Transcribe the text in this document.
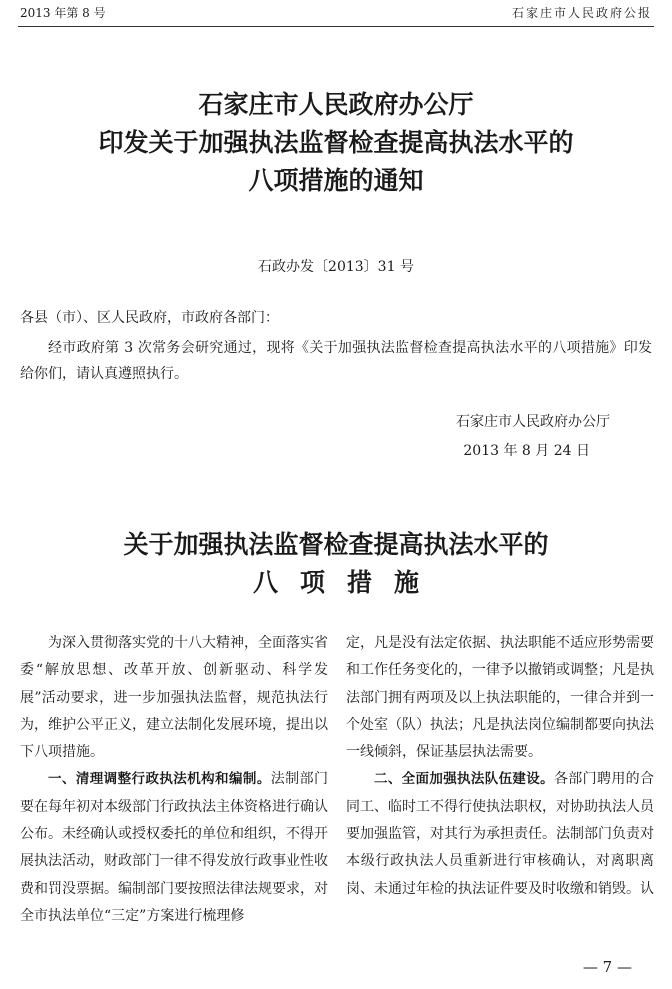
2013 年第 8 号	石家庄市人民政府公报
石家庄市人民政府办公厅
印发关于加强执法监督检查提高执法水平的
八项措施的通知
石政办发〔2013〕31 号
各县（市）、区人民政府，市政府各部门：
经市政府第 3 次常务会研究通过，现将《关于加强执法监督检查提高执法水平的八项措施》印发给你们，请认真遵照执行。
石家庄市人民政府办公厅
2013 年 8 月 24 日
关于加强执法监督检查提高执法水平的
八项措施

为深入贯彻落实党的十八大精神，全面落实省委“解放思想、改革开放、创新驱动、科学发展”活动要求，进一步加强执法监督，规范执法行为，维护公平正义，建立法制化发展环境，提出以下八项措施。

一、清理调整行政执法机构和编制。法制部门要在每年初对本级部门行政执法主体资格进行确认公布。未经确认或授权委托的单位和组织，不得开展执法活动，财政部门一律不得发放行政事业性收费和罚没票据。编制部门要按照法律法规要求，对全市执法单位“三定”方案进行梳理修

定，凡是没有法定依据、执法职能不适应形势需要和工作任务变化的，一律予以撤销或调整；凡是执法部门拥有两项及以上执法职能的，一律合并到一个处室（队）执法；凡是执法岗位编制都要向执法一线倾斜，保证基层执法需要。

二、全面加强执法队伍建设。各部门聘用的合同工、临时工不得行使执法职权，对协助执法人员要加强监管，对其行为承担责任。法制部门负责对本级行政执法人员重新进行审核确认，对离职离岗、未通过年检的执法证件要及时收缴和销毁。认

— 7 —
